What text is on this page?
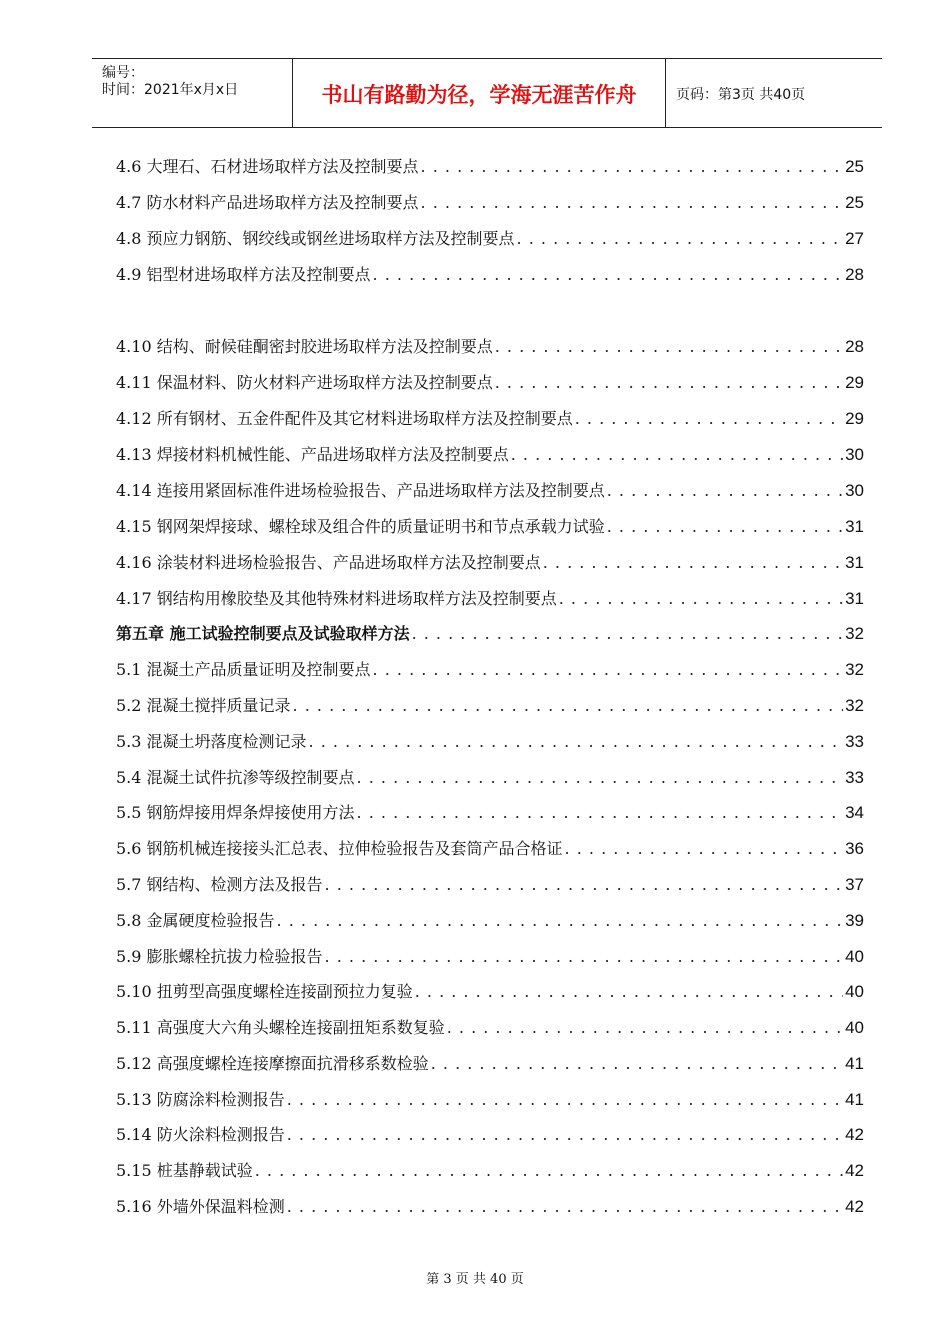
编号：
时间：2021年x月x日	书山有路勤为径，学海无涯苦作舟	页码：第3页 共40页
4.6 大理石、石材进场取样方法及控制要点 . . .	25
4.7 防水材料产品进场取样方法及控制要点 . . .	25
4.8 预应力钢筋、钢绞线或钢丝进场取样方法及控制要点 . . .	27
4.9 铝型材进场取样方法及控制要点 . . .	28
4.10 结构、耐候硅酮密封胶进场取样方法及控制要点 . . .	28
4.11 保温材料、防火材料产进场取样方法及控制要点 . . .	29
4.12 所有钢材、五金件配件及其它材料进场取样方法及控制要点 . . .	29
4.13 焊接材料机械性能、产品进场取样方法及控制要点 . . .	30
4.14 连接用紧固标准件进场检验报告、产品进场取样方法及控制要点 . . .	30
4.15 钢网架焊接球、螺栓球及组合件的质量证明书和节点承载力试验 . . .	31
4.16 涂装材料进场检验报告、产品进场取样方法及控制要点 . . .	31
4.17 钢结构用橡胶垫及其他特殊材料进场取样方法及控制要点 . . .	31
第五章 施工试验控制要点及试验取样方法 . . .	32
5.1 混凝土产品质量证明及控制要点 . . .	32
5.2 混凝土搅拌质量记录 . . .	32
5.3 混凝土坍落度检测记录 . . .	33
5.4 混凝土试件抗渗等级控制要点 . . .	33
5.5 钢筋焊接用焊条焊接使用方法 . . .	34
5.6 钢筋机械连接接头汇总表、拉伸检验报告及套筒产品合格证 . . .	36
5.7 钢结构、检测方法及报告 . . .	37
5.8 金属硬度检验报告 . . .	39
5.9 膨胀螺栓抗拔力检验报告 . . .	40
5.10 扭剪型高强度螺栓连接副预拉力复验 . . .	40
5.11 高强度大六角头螺栓连接副扭矩系数复验 . . .	40
5.12 高强度螺栓连接摩擦面抗滑移系数检验 . . .	41
5.13 防腐涂料检测报告 . . .	41
5.14 防火涂料检测报告 . . .	42
5.15 桩基静载试验 . . .	42
5.16 外墙外保温料检测 . . .	42
第 3 页 共 40 页
